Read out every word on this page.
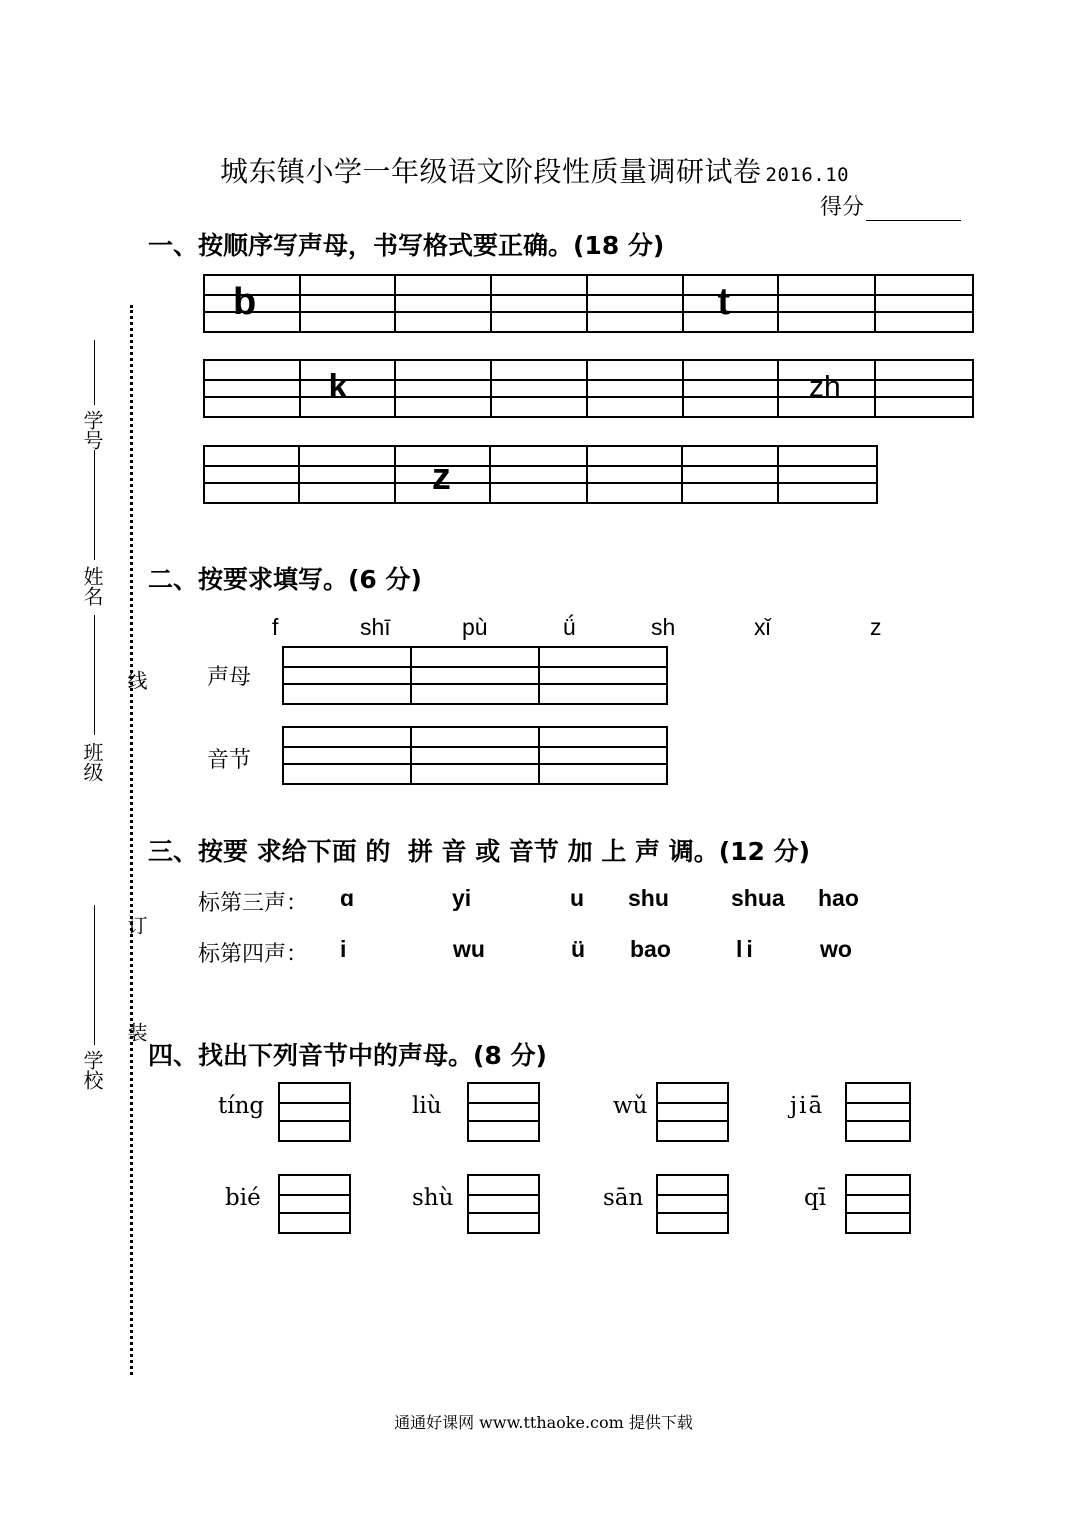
城东镇小学一年级语文阶段性质量调研试卷 2016.10
得分
线
订
装
学号
姓名
班级
学校
一、按顺序写声母，书写格式要正确。(18 分)
b	t
k	zh
z
二、按要求填写。(6 分)
f	shī	pù	ǘ	sh	xǐ	z
声母
音节
三、按要 求给下面 的  拼 音 或 音节 加 上 声 调。(12 分)
标第三声： ɑ	yi	u shu	shua hao
标第四声： i	wu	ü bao	li	wo
四、找出下列音节中的声母。(8 分)
tíng	liù	wǔ	jiā
bié	shù	sān	qī
通通好课网 www.tthaoke.com 提供下载
